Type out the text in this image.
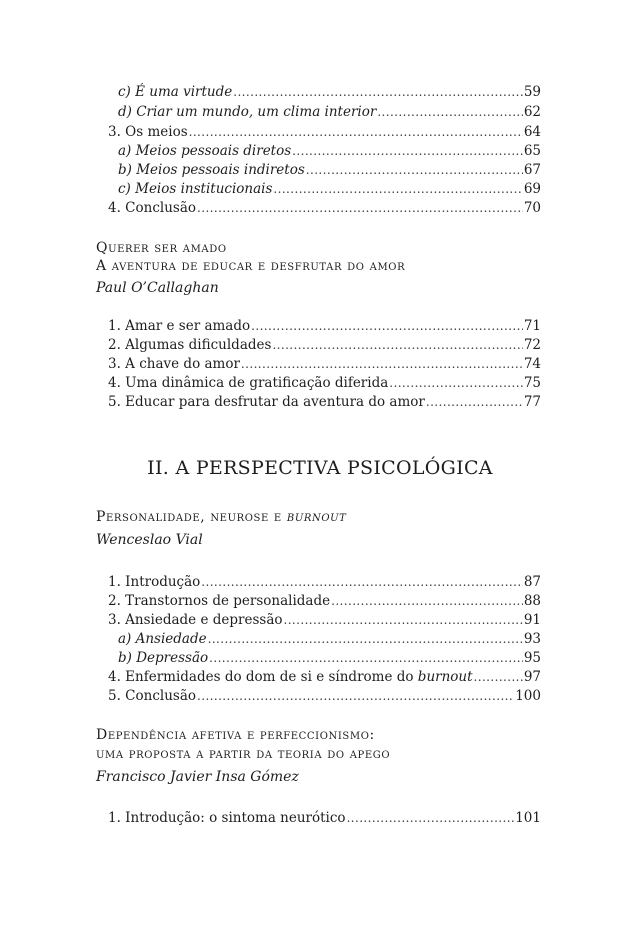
c) É uma virtude .....	59
d) Criar um mundo, um clima interior .....	62
3. Os meios .....	64
a) Meios pessoais diretos .....	65
b) Meios pessoais indiretos .....	67
c) Meios institucionais .....	69
4. Conclusão .....	70
Querer ser amado
A aventura de educar e desfrutar do amor
Paul O’Callaghan
1. Amar e ser amado .....	71
2. Algumas dificuldades .....	72
3. A chave do amor .....	74
4. Uma dinâmica de gratificação diferida .....	75
5. Educar para desfrutar da aventura do amor .....	77
II. A PERSPECTIVA PSICOLÓGICA
Personalidade, neurose e burnout
Wenceslao Vial
1. Introdução .....	87
2. Transtornos de personalidade .....	88
3. Ansiedade e depressão .....	91
a) Ansiedade .....	93
b) Depressão .....	95
4. Enfermidades do dom de si e síndrome do burnout .....	97
5. Conclusão .....	100
Dependência afetiva e perfeccionismo:
uma proposta a partir da teoria do apego
Francisco Javier Insa Gómez
1. Introdução: o sintoma neurótico .....	101
